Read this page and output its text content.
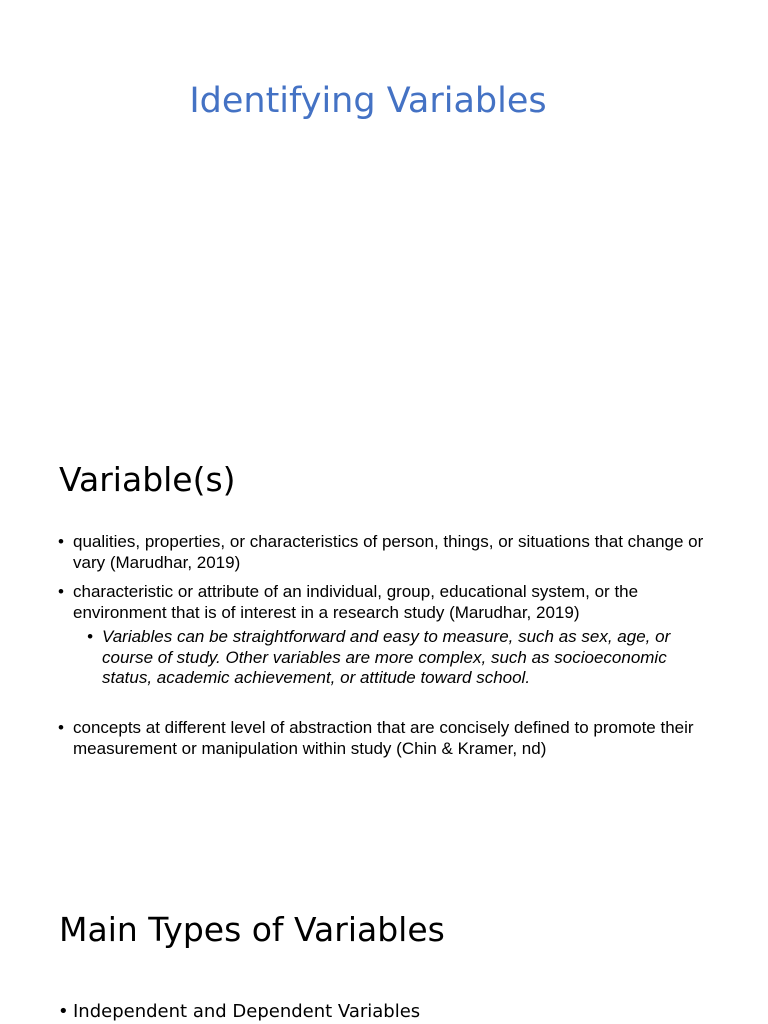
Identifying Variables
Variable(s)
• qualities, properties, or characteristics of person, things, or situations that change or vary (Marudhar, 2019)
• characteristic or attribute of an individual, group, educational system, or the environment that is of interest in a research study (Marudhar, 2019)
• Variables can be straightforward and easy to measure, such as sex, age, or course of study. Other variables are more complex, such as socioeconomic status, academic achievement, or attitude toward school.
• concepts at different level of abstraction that are concisely defined to promote their measurement or manipulation within study (Chin & Kramer, nd)
Main Types of Variables
• Independent and Dependent Variables
